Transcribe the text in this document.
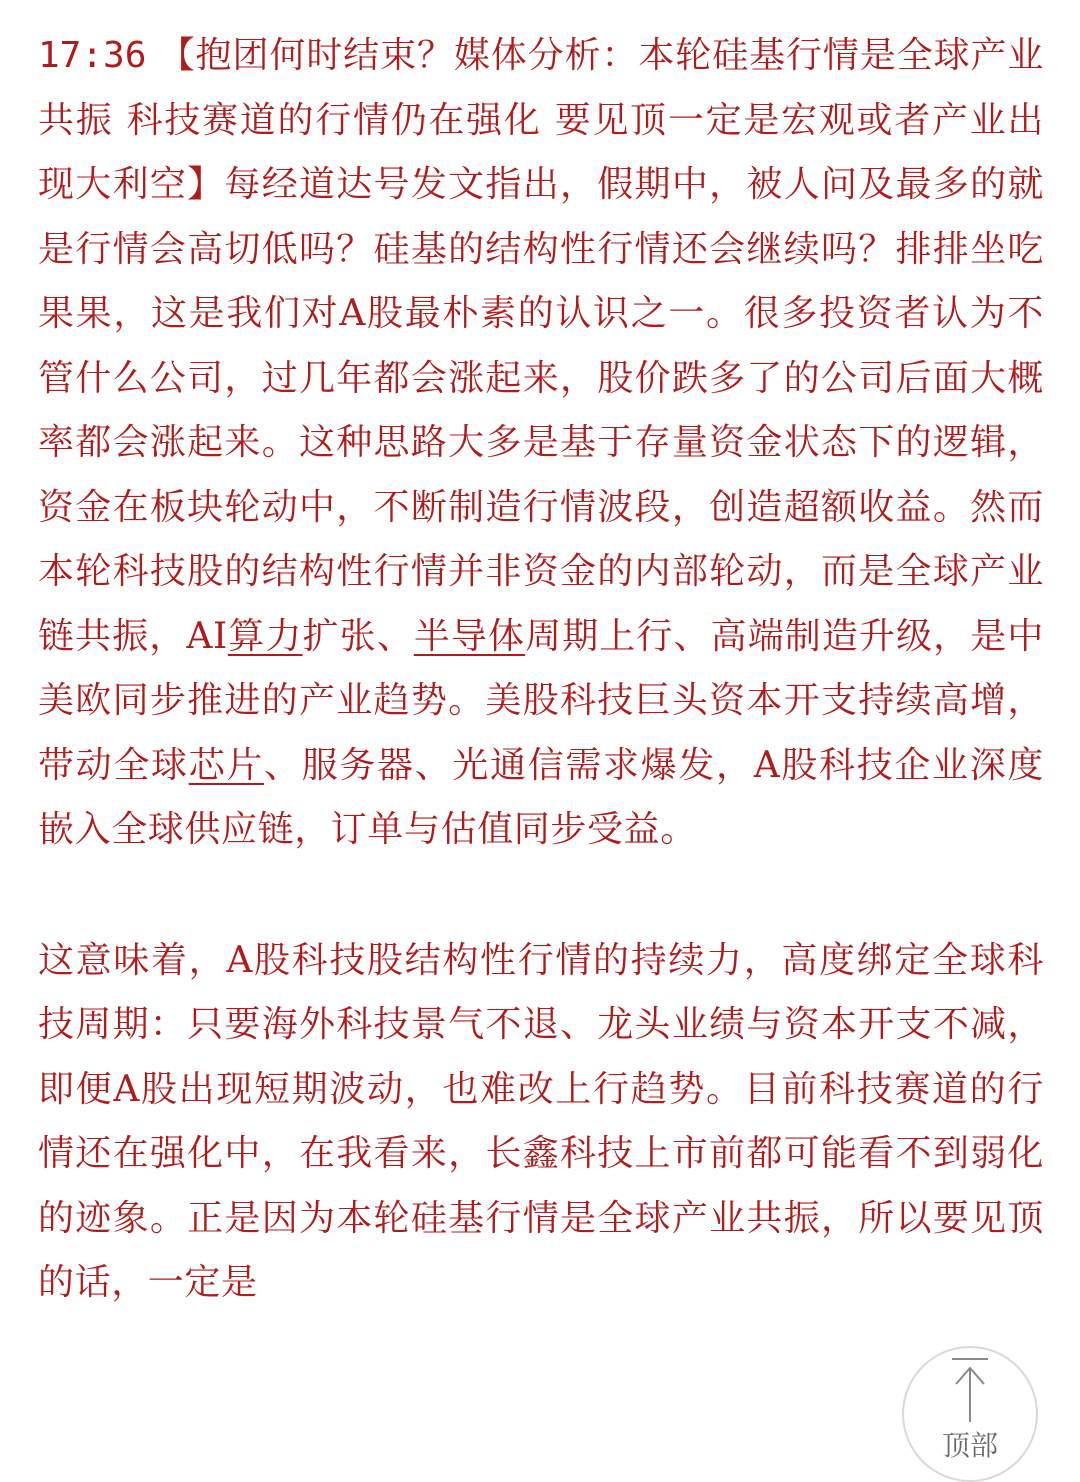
17:36 【抱团何时结束？媒体分析：本轮硅基行情是全球产业共振 科技赛道的行情仍在强化 要见顶一定是宏观或者产业出现大利空】每经道达号发文指出，假期中，被人问及最多的就是行情会高切低吗？硅基的结构性行情还会继续吗？排排坐吃果果，这是我们对A股最朴素的认识之一。很多投资者认为不管什么公司，过几年都会涨起来，股价跌多了的公司后面大概率都会涨起来。这种思路大多是基于存量资金状态下的逻辑，资金在板块轮动中，不断制造行情波段，创造超额收益。然而本轮科技股的结构性行情并非资金的内部轮动，而是全球产业链共振，AI算力扩张、半导体周期上行、高端制造升级，是中美欧同步推进的产业趋势。美股科技巨头资本开支持续高增，带动全球芯片、服务器、光通信需求爆发，A股科技企业深度嵌入全球供应链，订单与估值同步受益。

这意味着，A股科技股结构性行情的持续力，高度绑定全球科技周期：只要海外科技景气不退、龙头业绩与资本开支不减，即便A股出现短期波动，也难改上行趋势。目前科技赛道的行情还在强化中，在我看来，长鑫科技上市前都可能看不到弱化的迹象。正是因为本轮硅基行情是全球产业共振，所以要见顶的话，一定是

顶部
